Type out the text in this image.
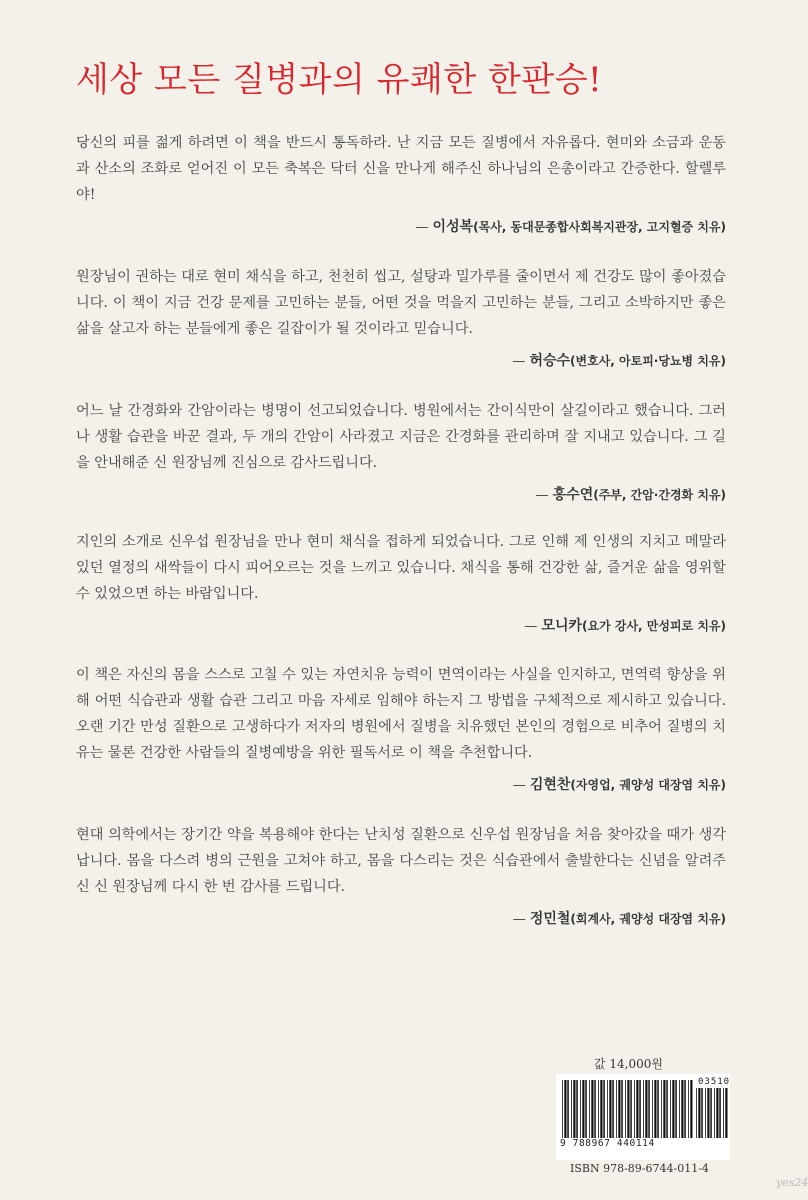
세상 모든 질병과의 유쾌한 한판승!

당신의 피를 젊게 하려면 이 책을 반드시 통독하라. 난 지금 모든 질병에서 자유롭다. 현미와 소금과 운동과 산소의 조화로 얻어진 이 모든 축복은 닥터 신을 만나게 해주신 하나님의 은총이라고 간증한다. 할렐루야!

— 이성복(목사, 동대문종합사회복지관장, 고지혈증 치유)

원장님이 권하는 대로 현미 채식을 하고, 천천히 씹고, 설탕과 밀가루를 줄이면서 제 건강도 많이 좋아졌습니다. 이 책이 지금 건강 문제를 고민하는 분들, 어떤 것을 먹을지 고민하는 분들, 그리고 소박하지만 좋은 삶을 살고자 하는 분들에게 좋은 길잡이가 될 것이라고 믿습니다.

— 허승수(변호사, 아토피·당뇨병 치유)

어느 날 간경화와 간암이라는 병명이 선고되었습니다. 병원에서는 간이식만이 살길이라고 했습니다. 그러나 생활 습관을 바꾼 결과, 두 개의 간암이 사라졌고 지금은 간경화를 관리하며 잘 지내고 있습니다. 그 길을 안내해준 신 원장님께 진심으로 감사드립니다.

— 홍수연(주부, 간암·간경화 치유)

지인의 소개로 신우섭 원장님을 만나 현미 채식을 접하게 되었습니다. 그로 인해 제 인생의 지치고 메말라 있던 열정의 새싹들이 다시 피어오르는 것을 느끼고 있습니다. 채식을 통해 건강한 삶, 즐거운 삶을 영위할 수 있었으면 하는 바람입니다.

— 모니카(요가 강사, 만성피로 치유)

이 책은 자신의 몸을 스스로 고칠 수 있는 자연치유 능력이 면역이라는 사실을 인지하고, 면역력 향상을 위해 어떤 식습관과 생활 습관 그리고 마음 자세로 임해야 하는지 그 방법을 구체적으로 제시하고 있습니다. 오랜 기간 만성 질환으로 고생하다가 저자의 병원에서 질병을 치유했던 본인의 경험으로 비추어 질병의 치유는 물론 건강한 사람들의 질병예방을 위한 필독서로 이 책을 추천합니다.

— 김현찬(자영업, 궤양성 대장염 치유)

현대 의학에서는 장기간 약을 복용해야 한다는 난치성 질환으로 신우섭 원장님을 처음 찾아갔을 때가 생각납니다. 몸을 다스려 병의 근원을 고쳐야 하고, 몸을 다스리는 것은 식습관에서 출발한다는 신념을 알려주신 신 원장님께 다시 한 번 감사를 드립니다.

— 정민철(회계사, 궤양성 대장염 치유)
값 14,000원
03510
9 788967 440114
ISBN 978-89-6744-011-4
yes24
